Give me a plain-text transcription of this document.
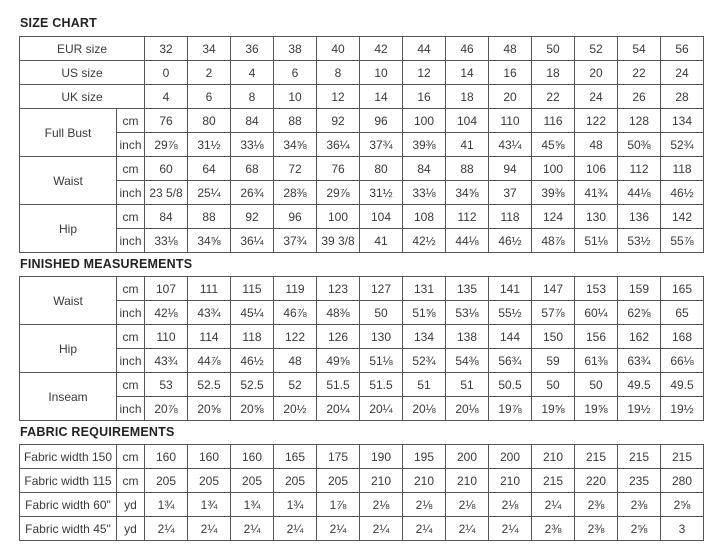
SIZE CHART
EUR size		32	34	36	38	40	42	44	46	48	50	52	54	56
US size		0	2	4	6	8	10	12	14	16	18	20	22	24
UK size		4	6	8	10	12	14	16	18	20	22	24	26	28
Full Bust	cm	76	80	84	88	92	96	100	104	110	116	122	128	134
	inch	29⅞	31½	33⅛	34⅝	36¼	37¾	39⅜	41	43¼	45⅝	48	50⅜	52¾
Waist	cm	60	64	68	72	76	80	84	88	94	100	106	112	118
	inch	23 5/8	25¼	26¾	28⅜	29⅞	31½	33⅛	34⅝	37	39⅜	41¾	44⅛	46½
Hip	cm	84	88	92	96	100	104	108	112	118	124	130	136	142
	inch	33⅛	34⅝	36¼	37¾	39 3/8	41	42½	44⅛	46½	48⅞	51⅛	53½	55⅞
FINISHED MEASUREMENTS
Waist	cm	107	111	115	119	123	127	131	135	141	147	153	159	165
	inch	42⅛	43¾	45¼	46⅞	48⅜	50	51⅝	53⅛	55½	57⅞	60¼	62⅝	65
Hip	cm	110	114	118	122	126	130	134	138	144	150	156	162	168
	inch	43¾	44⅞	46½	48	49⅝	51⅛	52¾	54⅜	56¾	59	61⅜	63¾	66⅛
Inseam	cm	53	52.5	52.5	52	51.5	51.5	51	51	50.5	50	50	49.5	49.5
	inch	20⅞	20⅝	20⅝	20½	20¼	20¼	20⅛	20⅛	19⅞	19⅝	19⅝	19½	19½
FABRIC REQUIREMENTS
Fabric width 150	cm	160	160	160	165	175	190	195	200	200	210	215	215	215
Fabric width 115	cm	205	205	205	205	205	210	210	210	210	215	220	235	280
Fabric width 60"	yd	1¾	1¾	1¾	1¾	1⅞	2⅛	2⅛	2⅛	2⅛	2¼	2⅜	2⅜	2⅝
Fabric width 45"	yd	2¼	2¼	2¼	2¼	2¼	2¼	2¼	2¼	2¼	2⅜	2⅜	2⅝	3
